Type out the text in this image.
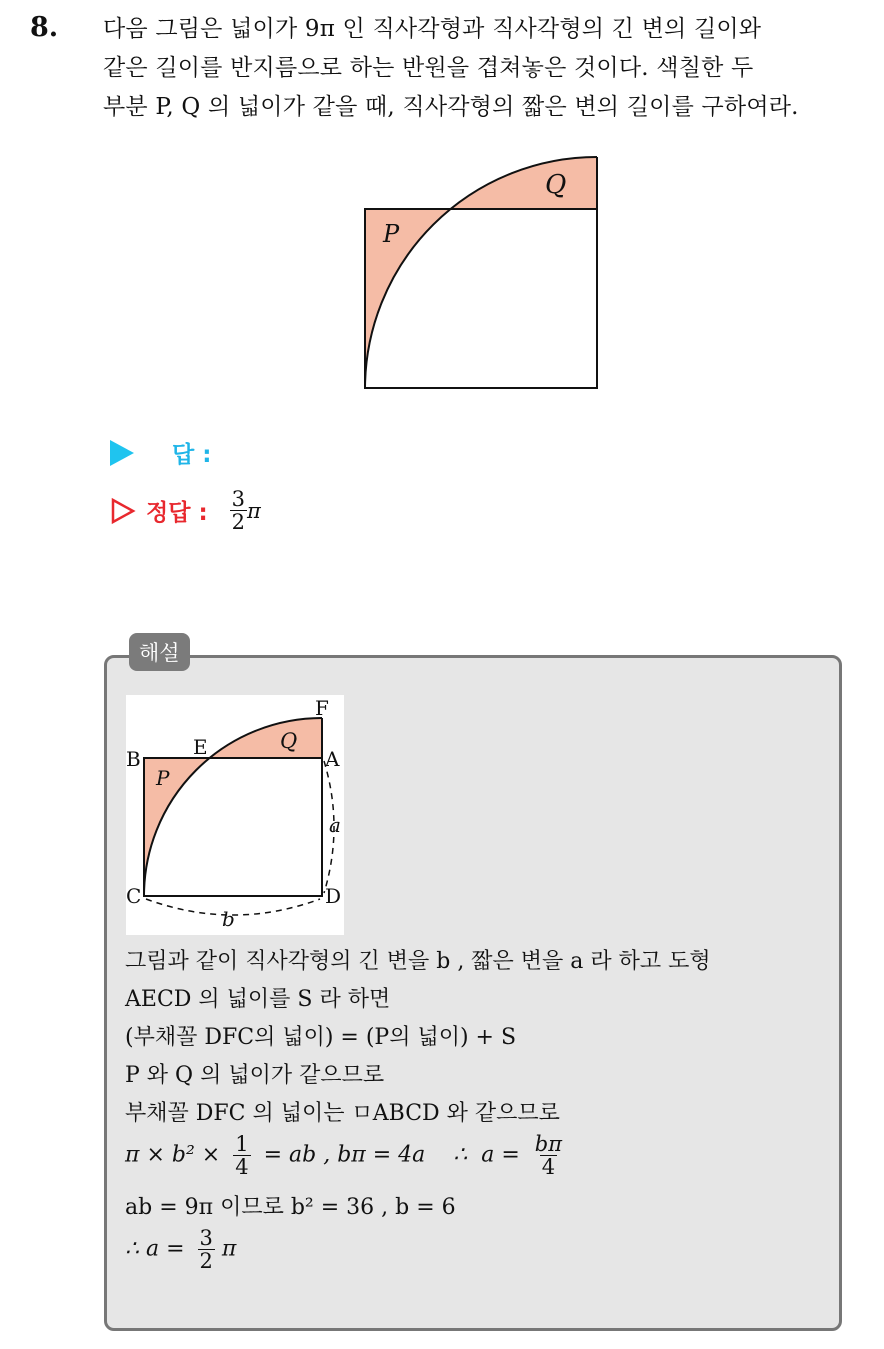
8. 다음 그림은 넓이가 9π 인 직사각형과 직사각형의 긴 변의 길이와
같은 길이를 반지름으로 하는 반원을 겹쳐놓은 것이다. 색칠한 두
부분 P, Q 의 넓이가 같을 때, 직사각형의 짧은 변의 길이를 구하여라.
P
Q
답 :
정답 : $\frac{3}{2}$ π
해설
F
B	E	Q
A
P
a
C	D
b
그림과 같이 직사각형의 긴 변을 b , 짧은 변을 a 라 하고 도형
AECD 의 넓이를 S 라 하면
(부채꼴 DFC의 넓이) = (P의 넓이) + S
P 와 Q 의 넓이가 같으므로
부채꼴 DFC 의 넓이는 ㅁABCD 와 같으므로
$\pi \times b^2 \times \frac{1}{4}$ = ab , bπ = 4a    ∴  $a = \frac{b\pi}{4}$
ab = 9π 이므로 b² = 36 , b = 6
∴ $a = \frac{3}{2}$ π
